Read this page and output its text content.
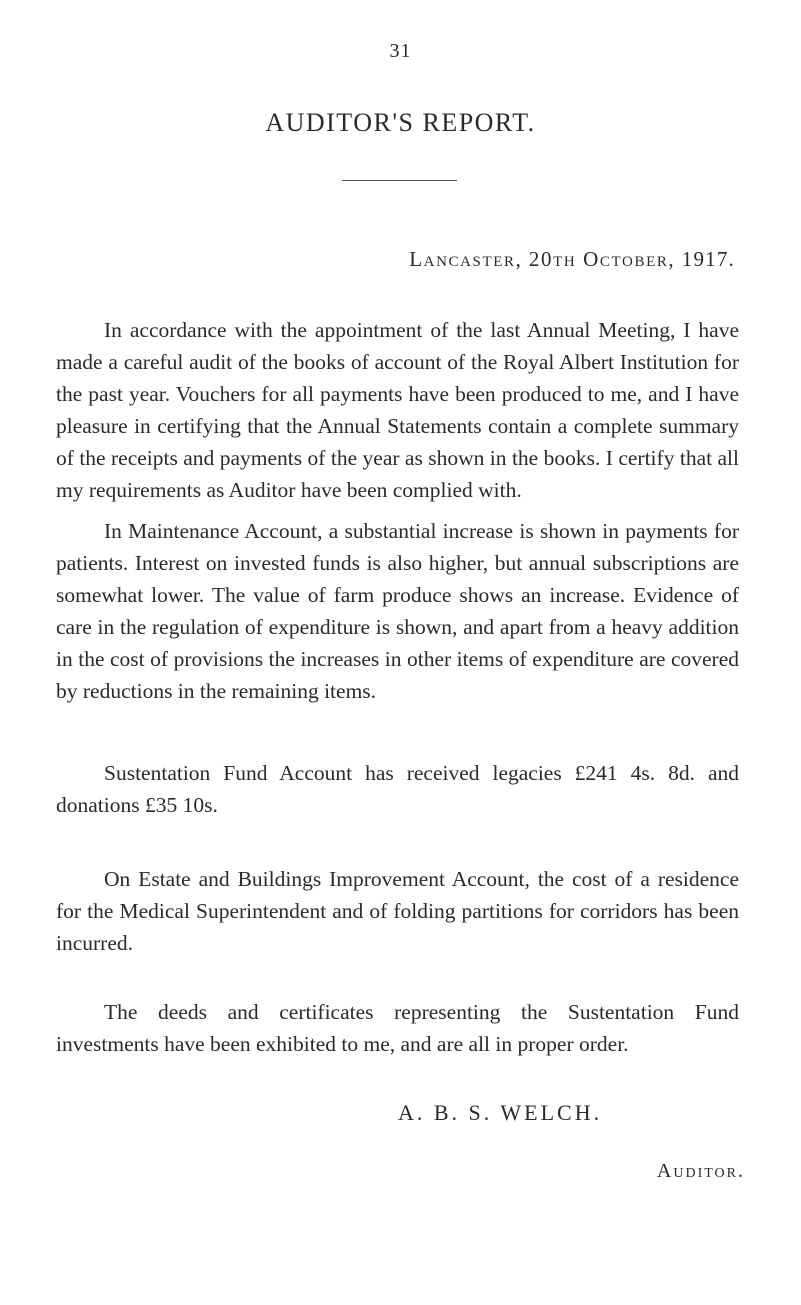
31
AUDITOR'S REPORT.
Lancaster, 20th October, 1917.

In accordance with the appointment of the last Annual Meeting, I have made a careful audit of the books of account of the Royal Albert Institution for the past year. Vouchers for all payments have been produced to me, and I have pleasure in certifying that the Annual Statements contain a complete summary of the receipts and payments of the year as shown in the books. I certify that all my requirements as Auditor have been complied with.

In Maintenance Account, a substantial increase is shown in payments for patients. Interest on invested funds is also higher, but annual subscriptions are somewhat lower. The value of farm produce shows an increase. Evidence of care in the regulation of expenditure is shown, and apart from a heavy addition in the cost of provisions the increases in other items of expenditure are covered by reductions in the remaining items.

Sustentation Fund Account has received legacies £241 4s. 8d. and donations £35 10s.

On Estate and Buildings Improvement Account, the cost of a residence for the Medical Superintendent and of folding partitions for corridors has been incurred.

The deeds and certificates representing the Sustentation Fund investments have been exhibited to me, and are all in proper order.

A. B. S. WELCH.
Auditor.
